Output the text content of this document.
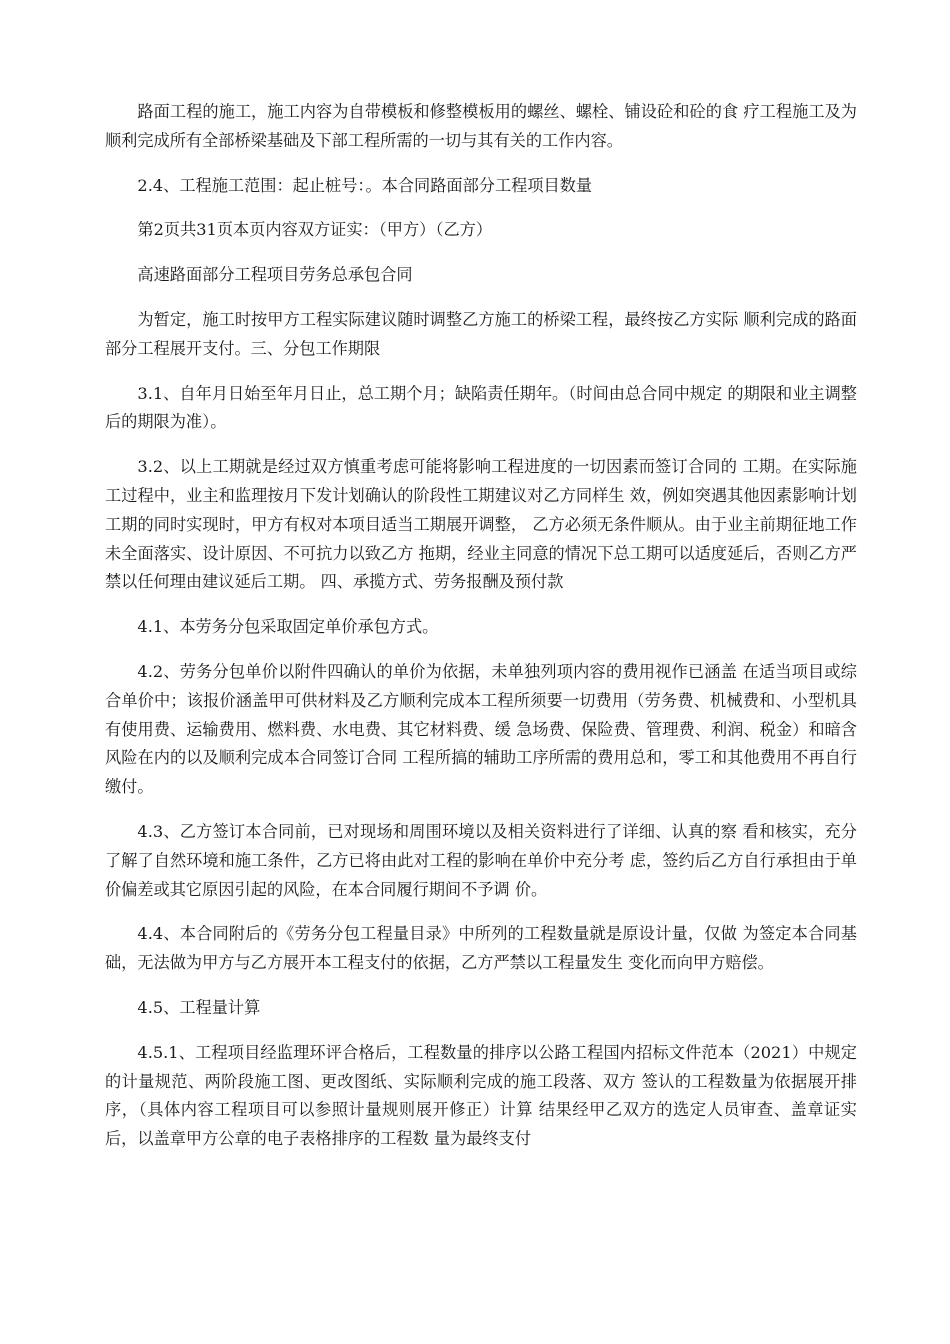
路面工程的施工，施工内容为自带模板和修整模板用的螺丝、螺栓、铺设砼和砼的食 疗工程施工及为顺利完成所有全部桥梁基础及下部工程所需的一切与其有关的工作内容。

2.4、工程施工范围：起止桩号：。本合同路面部分工程项目数量

第2页共31页本页内容双方证实：（甲方）（乙方）

高速路面部分工程项目劳务总承包合同

为暂定，施工时按甲方工程实际建议随时调整乙方施工的桥梁工程，最终按乙方实际 顺利完成的路面部分工程展开支付。三、分包工作期限

3.1、自年月日始至年月日止，总工期个月；缺陷责任期年。（时间由总合同中规定 的期限和业主调整后的期限为准）。

3.2、以上工期就是经过双方慎重考虑可能将影响工程进度的一切因素而签订合同的 工期。在实际施工过程中，业主和监理按月下发计划确认的阶段性工期建议对乙方同样生 效，例如突遇其他因素影响计划工期的同时实现时，甲方有权对本项目适当工期展开调整， 乙方必须无条件顺从。由于业主前期征地工作未全面落实、设计原因、不可抗力以致乙方 拖期，经业主同意的情况下总工期可以适度延后，否则乙方严禁以任何理由建议延后工期。 四、承揽方式、劳务报酬及预付款

4.1、本劳务分包采取固定单价承包方式。

4.2、劳务分包单价以附件四确认的单价为依据，未单独列项内容的费用视作已涵盖 在适当项目或综合单价中；该报价涵盖甲可供材料及乙方顺利完成本工程所须要一切费用（劳务费、机械费和、小型机具有使用费、运输费用、燃料费、水电费、其它材料费、缓 急场费、保险费、管理费、利润、税金）和暗含风险在内的以及顺利完成本合同签订合同 工程所搞的辅助工序所需的费用总和，零工和其他费用不再自行缴付。

4.3、乙方签订本合同前，已对现场和周围环境以及相关资料进行了详细、认真的察 看和核实，充分了解了自然环境和施工条件，乙方已将由此对工程的影响在单价中充分考 虑，签约后乙方自行承担由于单价偏差或其它原因引起的风险，在本合同履行期间不予调 价。

4.4、本合同附后的《劳务分包工程量目录》中所列的工程数量就是原设计量，仅做 为签定本合同基础，无法做为甲方与乙方展开本工程支付的依据，乙方严禁以工程量发生 变化而向甲方赔偿。

4.5、工程量计算

4.5.1、工程项目经监理环评合格后，工程数量的排序以公路工程国内招标文件范本（2021）中规定的计量规范、两阶段施工图、更改图纸、实际顺利完成的施工段落、双方 签认的工程数量为依据展开排序，（具体内容工程项目可以参照计量规则展开修正）计算 结果经甲乙双方的选定人员审查、盖章证实后，以盖章甲方公章的电子表格排序的工程数 量为最终支付
